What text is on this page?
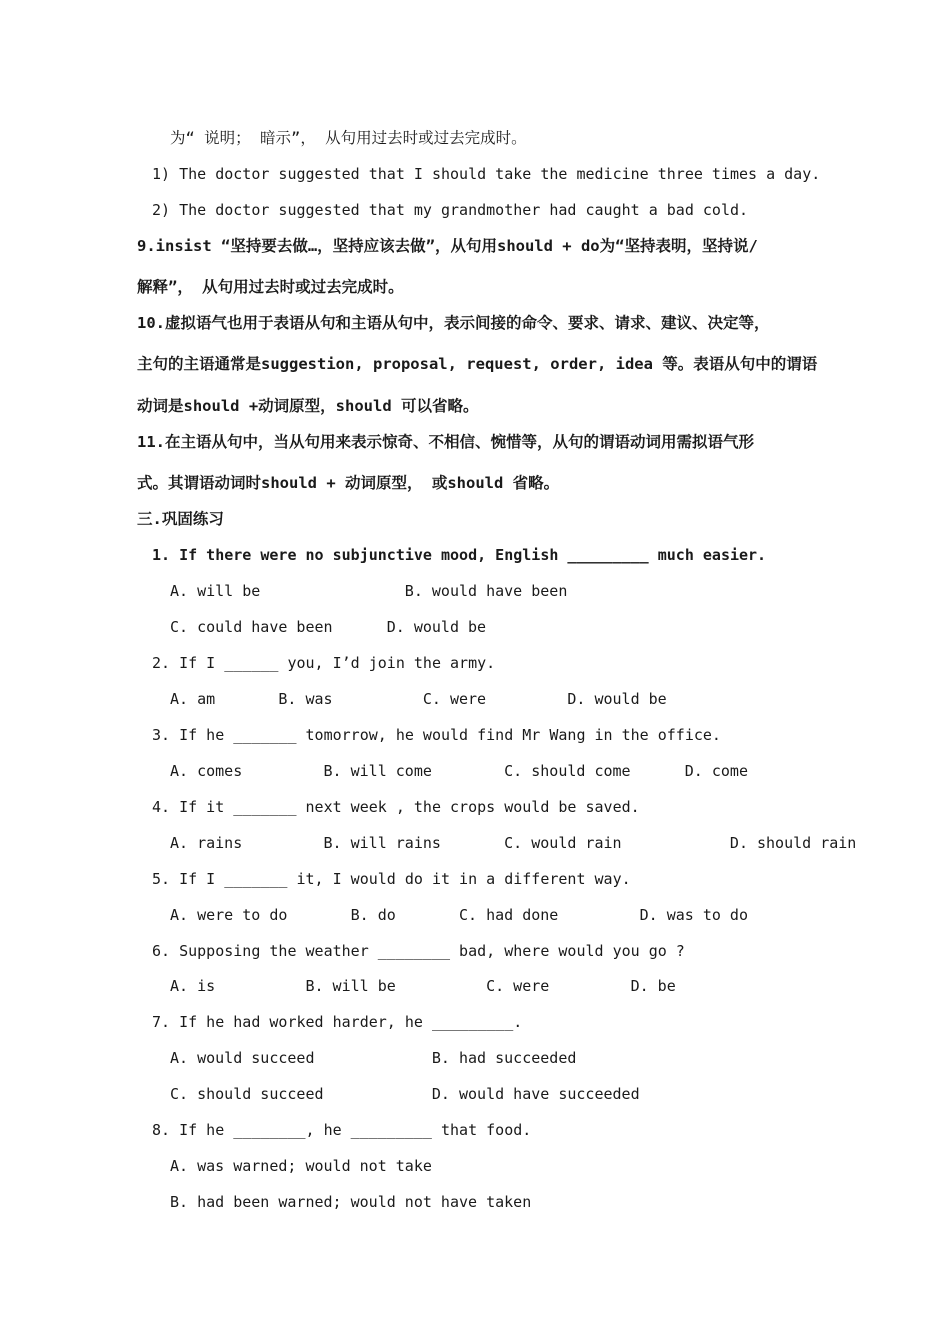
为“ 说明； 暗示”， 从句用过去时或过去完成时。
1) The doctor suggested that I should take the medicine three times a day.
2) The doctor suggested that my grandmother had caught a bad cold.
9.insist “坚持要去做…，坚持应该去做”，从句用should + do为“坚持表明，坚持说/
解释”， 从句用过去时或过去完成时。
10.虚拟语气也用于表语从句和主语从句中，表示间接的命令、要求、请求、建议、决定等，
主句的主语通常是suggestion, proposal, request, order, idea 等。表语从句中的谓语
动词是should +动词原型，should 可以省略。
11.在主语从句中，当从句用来表示惊奇、不相信、惋惜等，从句的谓语动词用需拟语气形
式。其谓语动词时should + 动词原型， 或should 省略。
三.巩固练习
1. If there were no subjunctive mood, English _________ much easier.
A. will be                B. would have been
C. could have been      D. would be
2. If I ______ you, I’d join the army.
A. am       B. was          C. were         D. would be
3. If he _______ tomorrow, he would find Mr Wang in the office.
A. comes         B. will come        C. should come      D. come
4. If it _______ next week , the crops would be saved.
A. rains         B. will rains       C. would rain            D. should rain
5. If I _______ it, I would do it in a different way.
A. were to do       B. do       C. had done         D. was to do
6. Supposing the weather ________ bad, where would you go ?
A. is          B. will be          C. were         D. be
7. If he had worked harder, he _________.
A. would succeed             B. had succeeded
C. should succeed            D. would have succeeded
8. If he ________, he _________ that food.
A. was warned; would not take
B. had been warned; would not have taken
